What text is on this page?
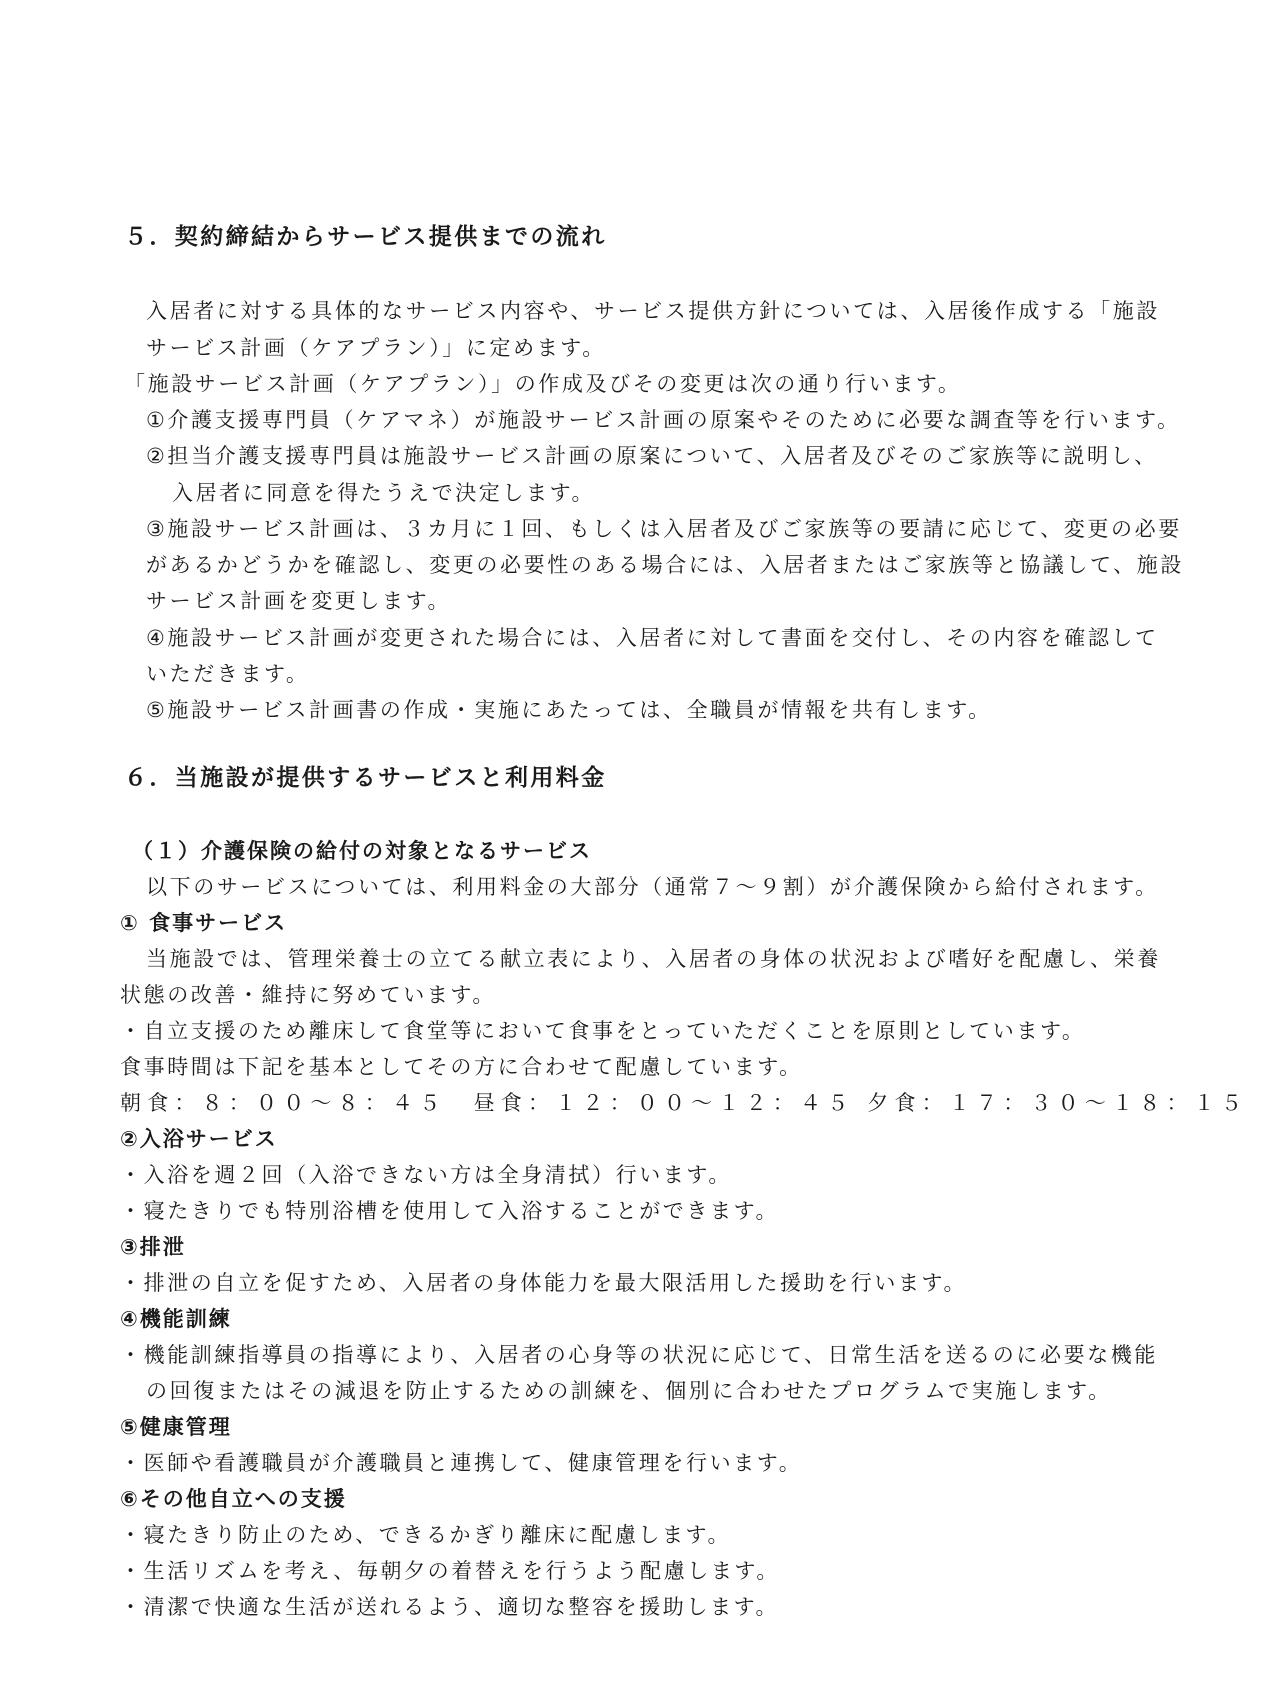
５．契約締結からサービス提供までの流れ
入居者に対する具体的なサービス内容や、サービス提供方針については、入居後作成する「施設
サービス計画（ケアプラン）」に定めます。
「施設サービス計画（ケアプラン）」の作成及びその変更は次の通り行います。
①介護支援専門員（ケアマネ）が施設サービス計画の原案やそのために必要な調査等を行います。
②担当介護支援専門員は施設サービス計画の原案について、入居者及びそのご家族等に説明し、
入居者に同意を得たうえで決定します。
③施設サービス計画は、３カ月に１回、もしくは入居者及びご家族等の要請に応じて、変更の必要
があるかどうかを確認し、変更の必要性のある場合には、入居者またはご家族等と協議して、施設
サービス計画を変更します。
④施設サービス計画が変更された場合には、入居者に対して書面を交付し、その内容を確認して
いただきます。
⑤施設サービス計画書の作成・実施にあたっては、全職員が情報を共有します。
６．当施設が提供するサービスと利用料金
（１）介護保険の給付の対象となるサービス
以下のサービスについては、利用料金の大部分（通常７～９割）が介護保険から給付されます。
① 食事サービス
当施設では、管理栄養士の立てる献立表により、入居者の身体の状況および嗜好を配慮し、栄養
状態の改善・維持に努めています。
・自立支援のため離床して食堂等において食事をとっていただくことを原則としています。
食事時間は下記を基本としてその方に合わせて配慮しています。
朝食：８：００～８：４５　昼食：１２：００～１２：４５ 夕食：１７：３０～１８：１５
②入浴サービス
・入浴を週２回（入浴できない方は全身清拭）行います。
・寝たきりでも特別浴槽を使用して入浴することができます。
③排泄
・排泄の自立を促すため、入居者の身体能力を最大限活用した援助を行います。
④機能訓練
・機能訓練指導員の指導により、入居者の心身等の状況に応じて、日常生活を送るのに必要な機能
の回復またはその減退を防止するための訓練を、個別に合わせたプログラムで実施します。
⑤健康管理
・医師や看護職員が介護職員と連携して、健康管理を行います。
⑥その他自立への支援
・寝たきり防止のため、できるかぎり離床に配慮します。
・生活リズムを考え、毎朝夕の着替えを行うよう配慮します。
・清潔で快適な生活が送れるよう、適切な整容を援助します。
